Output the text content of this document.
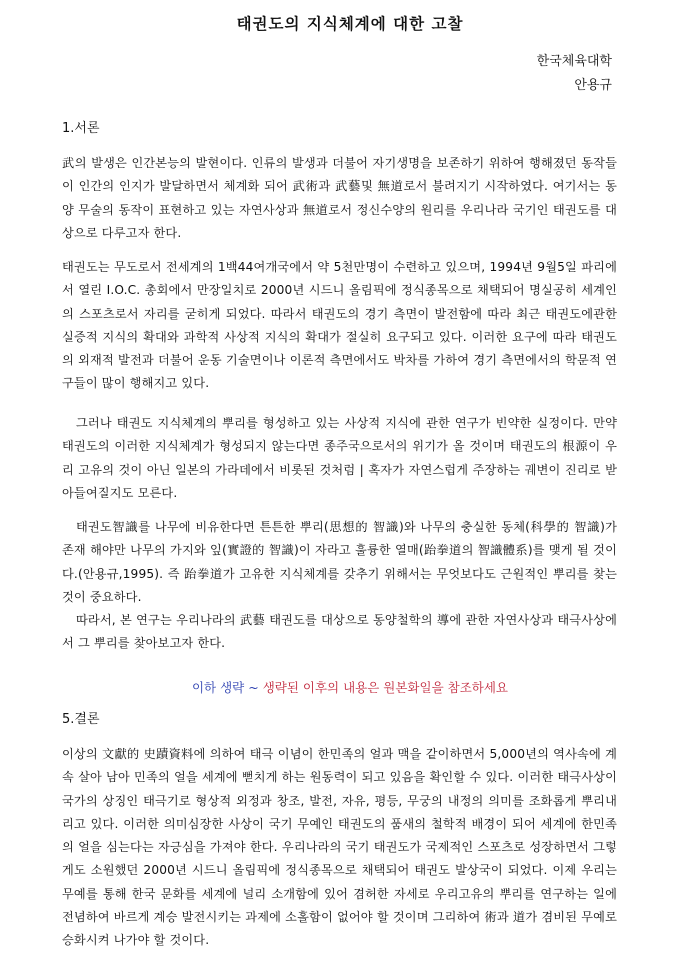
태권도의 지식체계에 대한 고찰
한국체육대학
안용규
1.서론

武의 발생은 인간본능의 발현이다. 인류의 발생과 더불어 자기생명을 보존하기 위하여 행해졌던 동작들이 인간의 인지가 발달하면서 체계화 되어 武術과 武藝및 無道로서 불려지기 시작하였다. 여기서는 동양 무술의 동작이 표현하고 있는 자연사상과 無道로서 정신수양의 원리를 우리나라 국기인 태권도를 대상으로 다루고자 한다.

태권도는 무도로서 전세계의 1백44여개국에서 약 5천만명이 수련하고 있으며, 1994년 9월5일 파리에서 열린 I.O.C. 총회에서 만장일치로 2000년 시드니 올림픽에 정식종목으로 채택되어 명실공히 세계인의 스포츠로서 자리를 굳히게 되었다. 따라서 태권도의 경기 측면이 발전함에 따라 최근 태권도에관한 실증적 지식의 확대와 과학적 사상적 지식의 확대가 절실히 요구되고 있다. 이러한 요구에 따라 태권도의 외재적 발전과 더불어 운동 기술면이나 이론적 측면에서도 박차를 가하여 경기 측면에서의 학문적 연구들이 많이 행해지고 있다.

그러나 태권도 지식체계의 뿌리를 형성하고 있는 사상적 지식에 관한 연구가 빈약한 실정이다. 만약 태권도의 이러한 지식체계가 형성되지 않는다면 종주국으로서의 위기가 올 것이며 태권도의 根源이 우리 고유의 것이 아닌 일본의 가라데에서 비롯된 것처럼 | 혹자가 자연스럽게 주장하는 궤변이 진리로 받아들여질지도 모른다.

태권도智識를 나무에 비유한다면 튼튼한 뿌리(思想的 智識)와 나무의 충실한 동체(科學的 智識)가 존재 해야만 나무의 가지와 잎(實證的 智識)이 자라고 훌륭한 열매(跆拳道의 智識體系)를 맺게 될 것이다.(안용규,1995). 즉 跆拳道가 고유한 지식체계를 갖추기 위해서는 무엇보다도 근원적인 뿌리를 찾는 것이 중요하다.

따라서, 본 연구는 우리나라의 武藝 태권도를 대상으로 동양철학의 導에 관한 자연사상과 태극사상에서 그 뿌리를 찾아보고자 한다.

이하 생략 ~ 생략된 이후의 내용은 원본화일을 참조하세요
5.결론

이상의 文獻的 史蹟資料에 의하여 태극 이념이 한민족의 얼과 맥을 같이하면서 5,000년의 역사속에 계속 살아 남아 민족의 얼을 세계에 뻗치게 하는 원동력이 되고 있음을 확인할 수 있다. 이러한 태극사상이 국가의 상징인 태극기로 형상적 외정과 창조, 발전, 자유, 평등, 무궁의 내정의 의미를 조화롭게 뿌리내리고 있다. 이러한 의미심장한 사상이 국기 무예인 태권도의 품새의 철학적 배경이 되어 세계에 한민족의 얼을 심는다는 자긍심을 가져야 한다. 우리나라의 국기 태권도가 국제적인 스포츠로 성장하면서 그렇게도 소원했던 2000년 시드니 올림픽에 정식종목으로 채택되어 태권도 발상국이 되었다. 이제 우리는 무예를 통해 한국 문화를 세계에 널리 소개함에 있어 겸허한 자세로 우리고유의 뿌리를 연구하는 일에 전념하여 바르게 계승 발전시키는 과제에 소홀함이 없어야 할 것이며 그리하여 術과 道가 겸비된 무예로 승화시켜 나가야 할 것이다.
